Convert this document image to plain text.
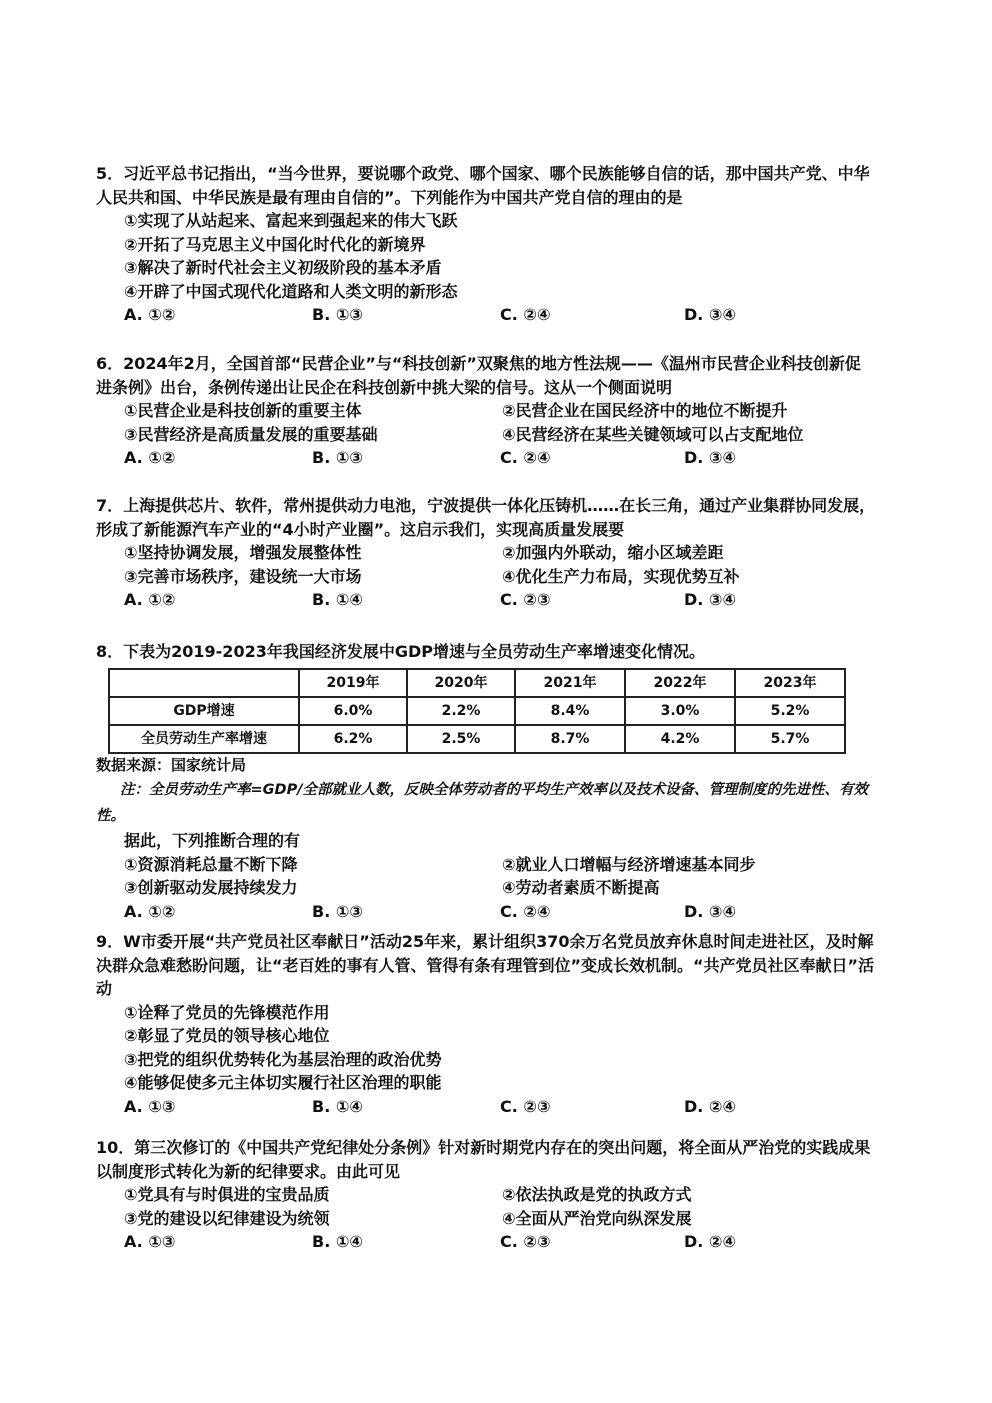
5．习近平总书记指出，“当今世界，要说哪个政党、哪个国家、哪个民族能够自信的话，那中国共产党、中华人民共和国、中华民族是最有理由自信的”。下列能作为中国共产党自信的理由的是

①实现了从站起来、富起来到强起来的伟大飞跃
②开拓了马克思主义中国化时代化的新境界
③解决了新时代社会主义初级阶段的基本矛盾
④开辟了中国式现代化道路和人类文明的新形态
A. ①②	B. ①③	C. ②④	D. ③④

6．2024年2月，全国首部“民营企业”与“科技创新”双聚焦的地方性法规——《温州市民营企业科技创新促进条例》出台，条例传递出让民企在科技创新中挑大梁的信号。这从一个侧面说明

①民营企业是科技创新的重要主体	②民营企业在国民经济中的地位不断提升
③民营经济是高质量发展的重要基础	④民营经济在某些关键领域可以占支配地位
A. ①②	B. ①③	C. ②④	D. ③④

7．上海提供芯片、软件，常州提供动力电池，宁波提供一体化压铸机……在长三角，通过产业集群协同发展，形成了新能源汽车产业的“4小时产业圈”。这启示我们，实现高质量发展要

①坚持协调发展，增强发展整体性	②加强内外联动，缩小区域差距
③完善市场秩序，建设统一大市场	④优化生产力布局，实现优势互补
A. ①②	B. ①④	C. ②③	D. ③④

8．下表为2019-2023年我国经济发展中GDP增速与全员劳动生产率增速变化情况。

	2019年	2020年	2021年	2022年	2023年
GDP增速	6.0%	2.2%	8.4%	3.0%	5.2%
全员劳动生产率增速	6.2%	2.5%	8.7%	4.2%	5.7%
数据来源：国家统计局
注：全员劳动生产率=GDP/全部就业人数，反映全体劳动者的平均生产效率以及技术设备、管理制度的先进性、有效性。
据此，下列推断合理的有
①资源消耗总量不断下降	②就业人口增幅与经济增速基本同步
③创新驱动发展持续发力	④劳动者素质不断提高
A. ①②	B. ①③	C. ②④	D. ③④

9．W市委开展“共产党员社区奉献日”活动25年来，累计组织370余万名党员放弃休息时间走进社区，及时解决群众急难愁盼问题，让“老百姓的事有人管、管得有条有理管到位”变成长效机制。“共产党员社区奉献日”活动

①诠释了党员的先锋模范作用
②彰显了党员的领导核心地位
③把党的组织优势转化为基层治理的政治优势
④能够促使多元主体切实履行社区治理的职能
A. ①③	B. ①④	C. ②③	D. ②④

10．第三次修订的《中国共产党纪律处分条例》针对新时期党内存在的突出问题，将全面从严治党的实践成果以制度形式转化为新的纪律要求。由此可见

①党具有与时俱进的宝贵品质	②依法执政是党的执政方式
③党的建设以纪律建设为统领	④全面从严治党向纵深发展
A. ①③	B. ①④	C. ②③	D. ②④
